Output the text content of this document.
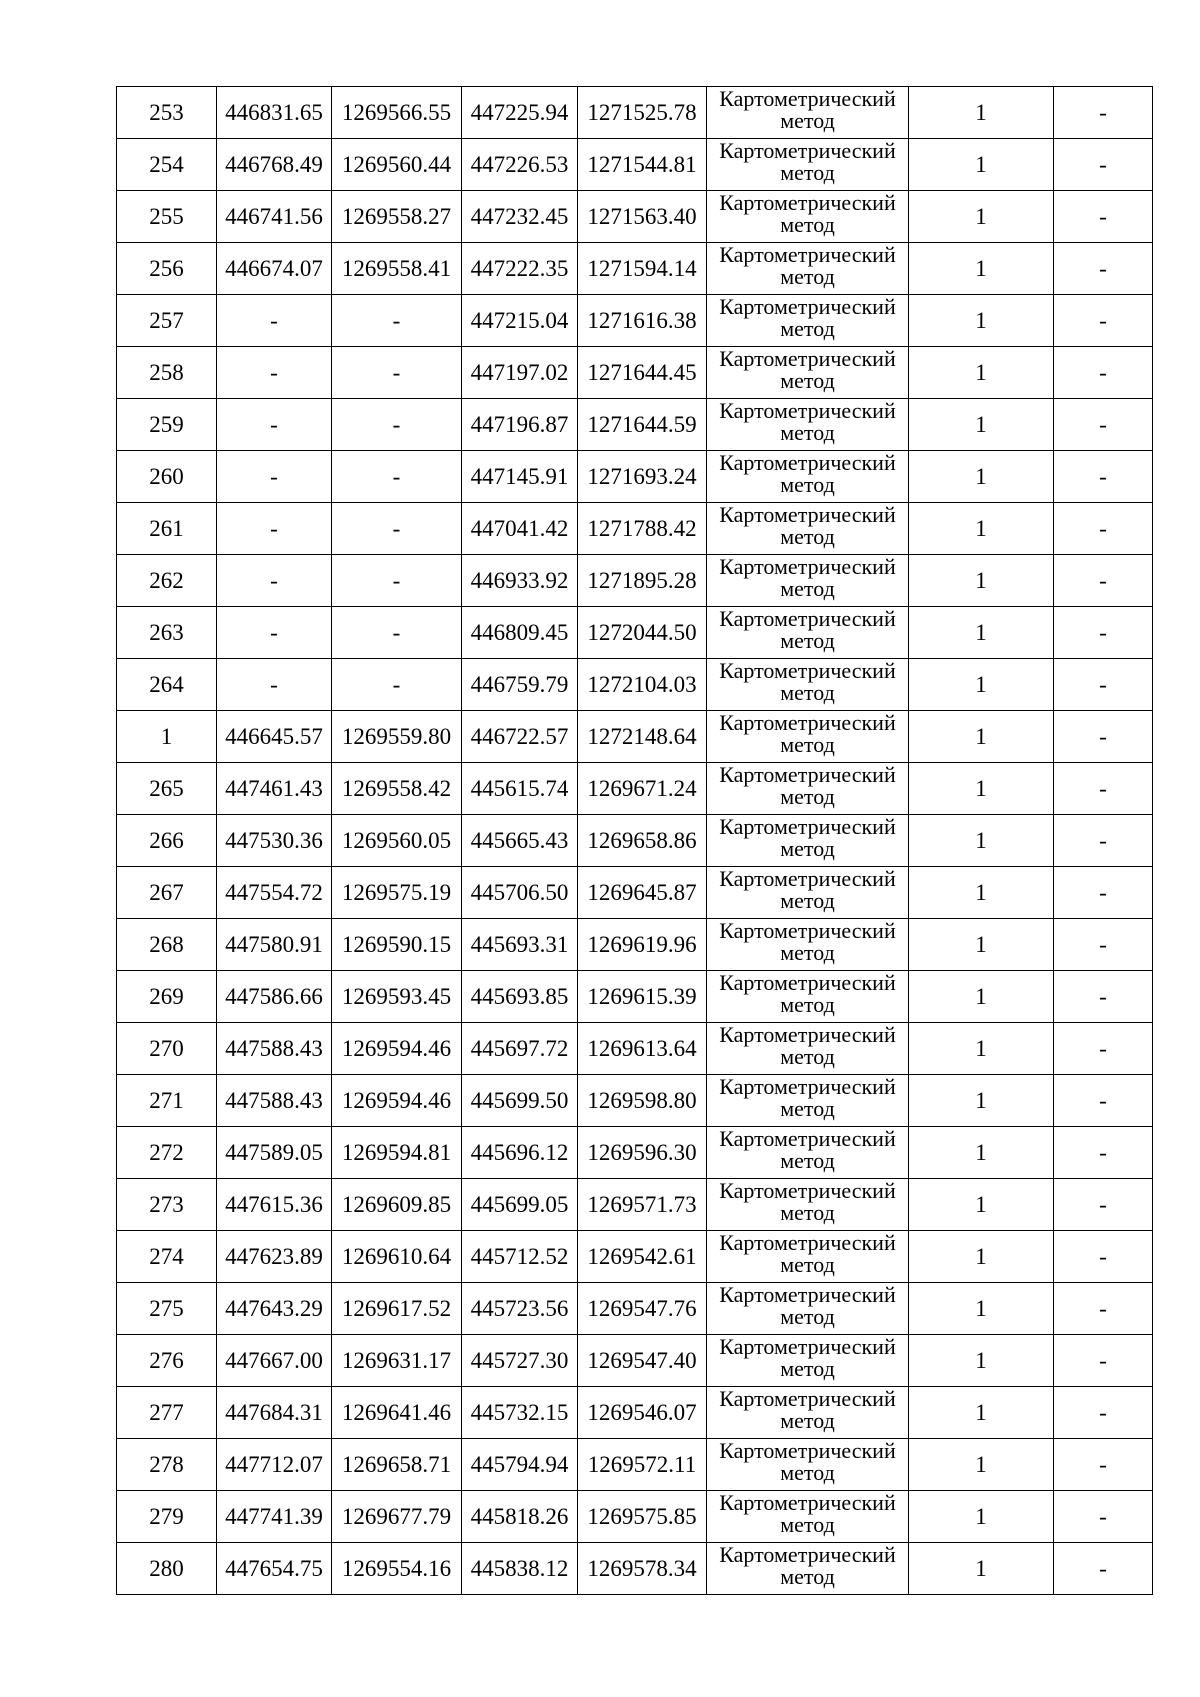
253	446831.65	1269566.55	447225.94	1271525.78	Картометрический
метод	1	-
254	446768.49	1269560.44	447226.53	1271544.81	Картометрический
метод	1	-
255	446741.56	1269558.27	447232.45	1271563.40	Картометрический
метод	1	-
256	446674.07	1269558.41	447222.35	1271594.14	Картометрический
метод	1	-
257	-	-	447215.04	1271616.38	Картометрический
метод	1	-
258	-	-	447197.02	1271644.45	Картометрический
метод	1	-
259	-	-	447196.87	1271644.59	Картометрический
метод	1	-
260	-	-	447145.91	1271693.24	Картометрический
метод	1	-
261	-	-	447041.42	1271788.42	Картометрический
метод	1	-
262	-	-	446933.92	1271895.28	Картометрический
метод	1	-
263	-	-	446809.45	1272044.50	Картометрический
метод	1	-
264	-	-	446759.79	1272104.03	Картометрический
метод	1	-
1	446645.57	1269559.80	446722.57	1272148.64	Картометрический
метод	1	-
265	447461.43	1269558.42	445615.74	1269671.24	Картометрический
метод	1	-
266	447530.36	1269560.05	445665.43	1269658.86	Картометрический
метод	1	-
267	447554.72	1269575.19	445706.50	1269645.87	Картометрический
метод	1	-
268	447580.91	1269590.15	445693.31	1269619.96	Картометрический
метод	1	-
269	447586.66	1269593.45	445693.85	1269615.39	Картометрический
метод	1	-
270	447588.43	1269594.46	445697.72	1269613.64	Картометрический
метод	1	-
271	447588.43	1269594.46	445699.50	1269598.80	Картометрический
метод	1	-
272	447589.05	1269594.81	445696.12	1269596.30	Картометрический
метод	1	-
273	447615.36	1269609.85	445699.05	1269571.73	Картометрический
метод	1	-
274	447623.89	1269610.64	445712.52	1269542.61	Картометрический
метод	1	-
275	447643.29	1269617.52	445723.56	1269547.76	Картометрический
метод	1	-
276	447667.00	1269631.17	445727.30	1269547.40	Картометрический
метод	1	-
277	447684.31	1269641.46	445732.15	1269546.07	Картометрический
метод	1	-
278	447712.07	1269658.71	445794.94	1269572.11	Картометрический
метод	1	-
279	447741.39	1269677.79	445818.26	1269575.85	Картометрический
метод	1	-
280	447654.75	1269554.16	445838.12	1269578.34	Картометрический
метод	1	-
